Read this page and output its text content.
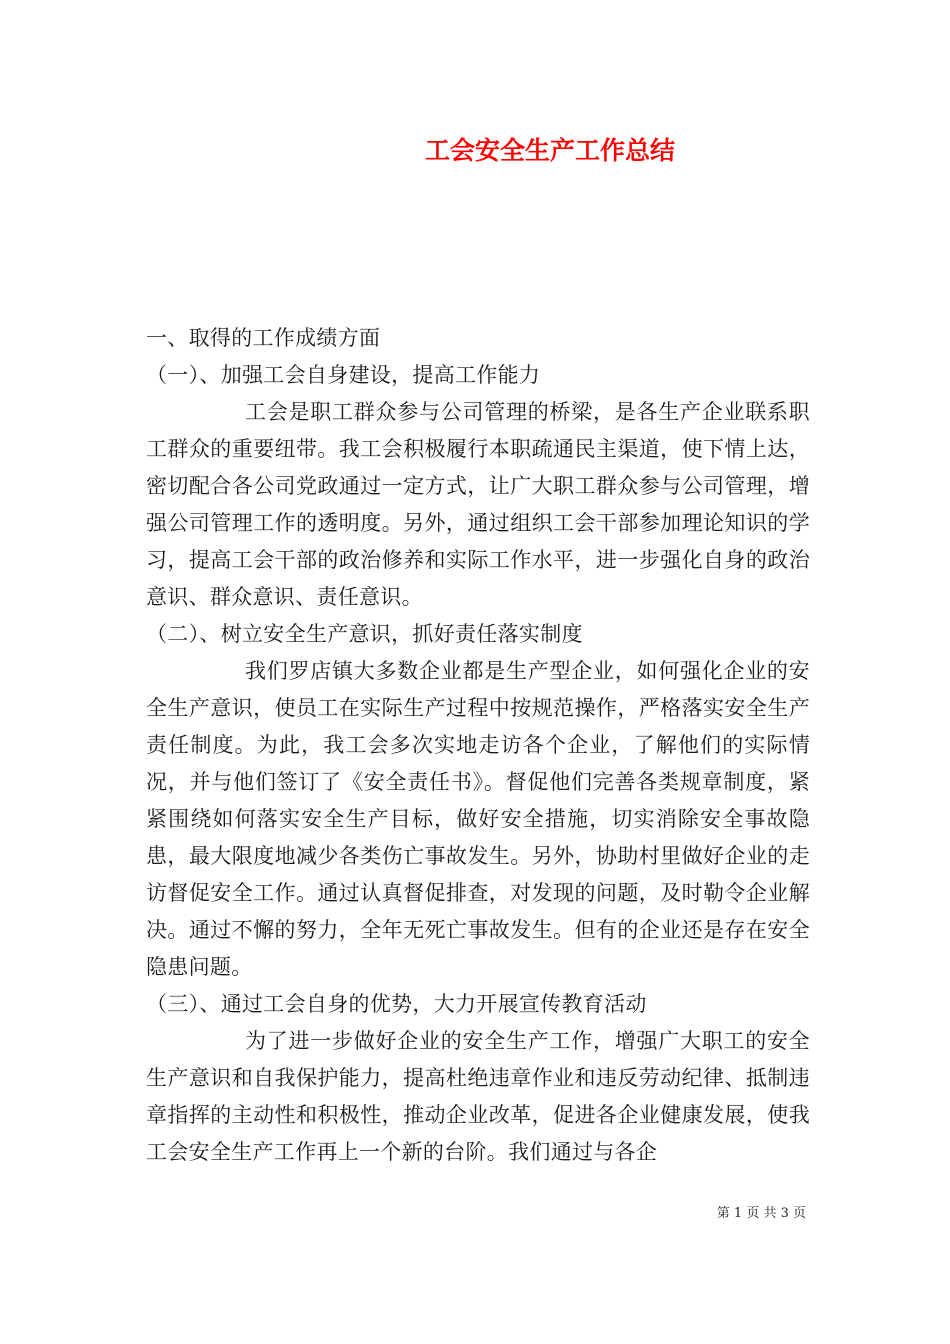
工会安全生产工作总结

一、取得的工作成绩方面

（一）、加强工会自身建设，提高工作能力

工会是职工群众参与公司管理的桥梁，是各生产企业联系职工群众的重要纽带。我工会积极履行本职疏通民主渠道，使下情上达，密切配合各公司党政通过一定方式，让广大职工群众参与公司管理，增强公司管理工作的透明度。另外，通过组织工会干部参加理论知识的学习，提高工会干部的政治修养和实际工作水平，进一步强化自身的政治意识、群众意识、责任意识。

（二）、树立安全生产意识，抓好责任落实制度

我们罗店镇大多数企业都是生产型企业，如何强化企业的安全生产意识，使员工在实际生产过程中按规范操作，严格落实安全生产责任制度。为此，我工会多次实地走访各个企业，了解他们的实际情况，并与他们签订了《安全责任书》。督促他们完善各类规章制度，紧紧围绕如何落实安全生产目标，做好安全措施，切实消除安全事故隐患，最大限度地减少各类伤亡事故发生。另外，协助村里做好企业的走访督促安全工作。通过认真督促排查，对发现的问题，及时勒令企业解决。通过不懈的努力，全年无死亡事故发生。但有的企业还是存在安全隐患问题。

（三）、通过工会自身的优势，大力开展宣传教育活动

为了进一步做好企业的安全生产工作，增强广大职工的安全生产意识和自我保护能力，提高杜绝违章作业和违反劳动纪律、抵制违章指挥的主动性和积极性，推动企业改革，促进各企业健康发展，使我工会安全生产工作再上一个新的台阶。我们通过与各企

第 1 页 共 3 页
